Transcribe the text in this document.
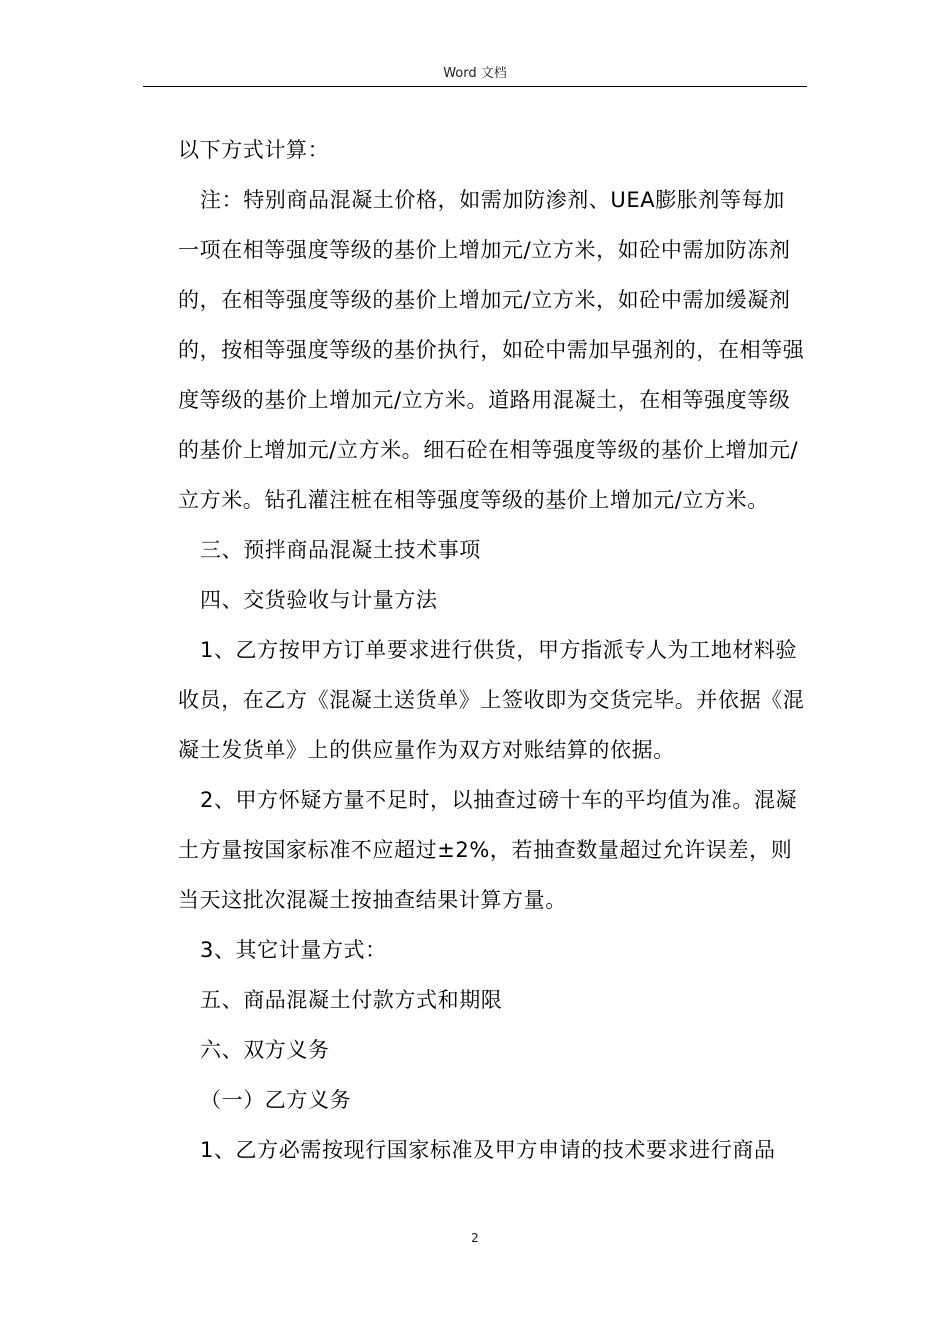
Word 文档

以下方式计算：

注：特别商品混凝土价格，如需加防渗剂、UEA膨胀剂等每加一项在相等强度等级的基价上增加元/立方米，如砼中需加防冻剂的，在相等强度等级的基价上增加元/立方米，如砼中需加缓凝剂的，按相等强度等级的基价执行，如砼中需加早强剂的，在相等强度等级的基价上增加元/立方米。道路用混凝土，在相等强度等级的基价上增加元/立方米。细石砼在相等强度等级的基价上增加元/立方米。钻孔灌注桩在相等强度等级的基价上增加元/立方米。

三、预拌商品混凝土技术事项

四、交货验收与计量方法

1、乙方按甲方订单要求进行供货，甲方指派专人为工地材料验收员，在乙方《混凝土送货单》上签收即为交货完毕。并依据《混凝土发货单》上的供应量作为双方对账结算的依据。

2、甲方怀疑方量不足时，以抽查过磅十车的平均值为准。混凝土方量按国家标准不应超过±2%，若抽查数量超过允许误差，则当天这批次混凝土按抽查结果计算方量。

3、其它计量方式：

五、商品混凝土付款方式和期限

六、双方义务

（一）乙方义务

1、乙方必需按现行国家标准及甲方申请的技术要求进行商品

2
